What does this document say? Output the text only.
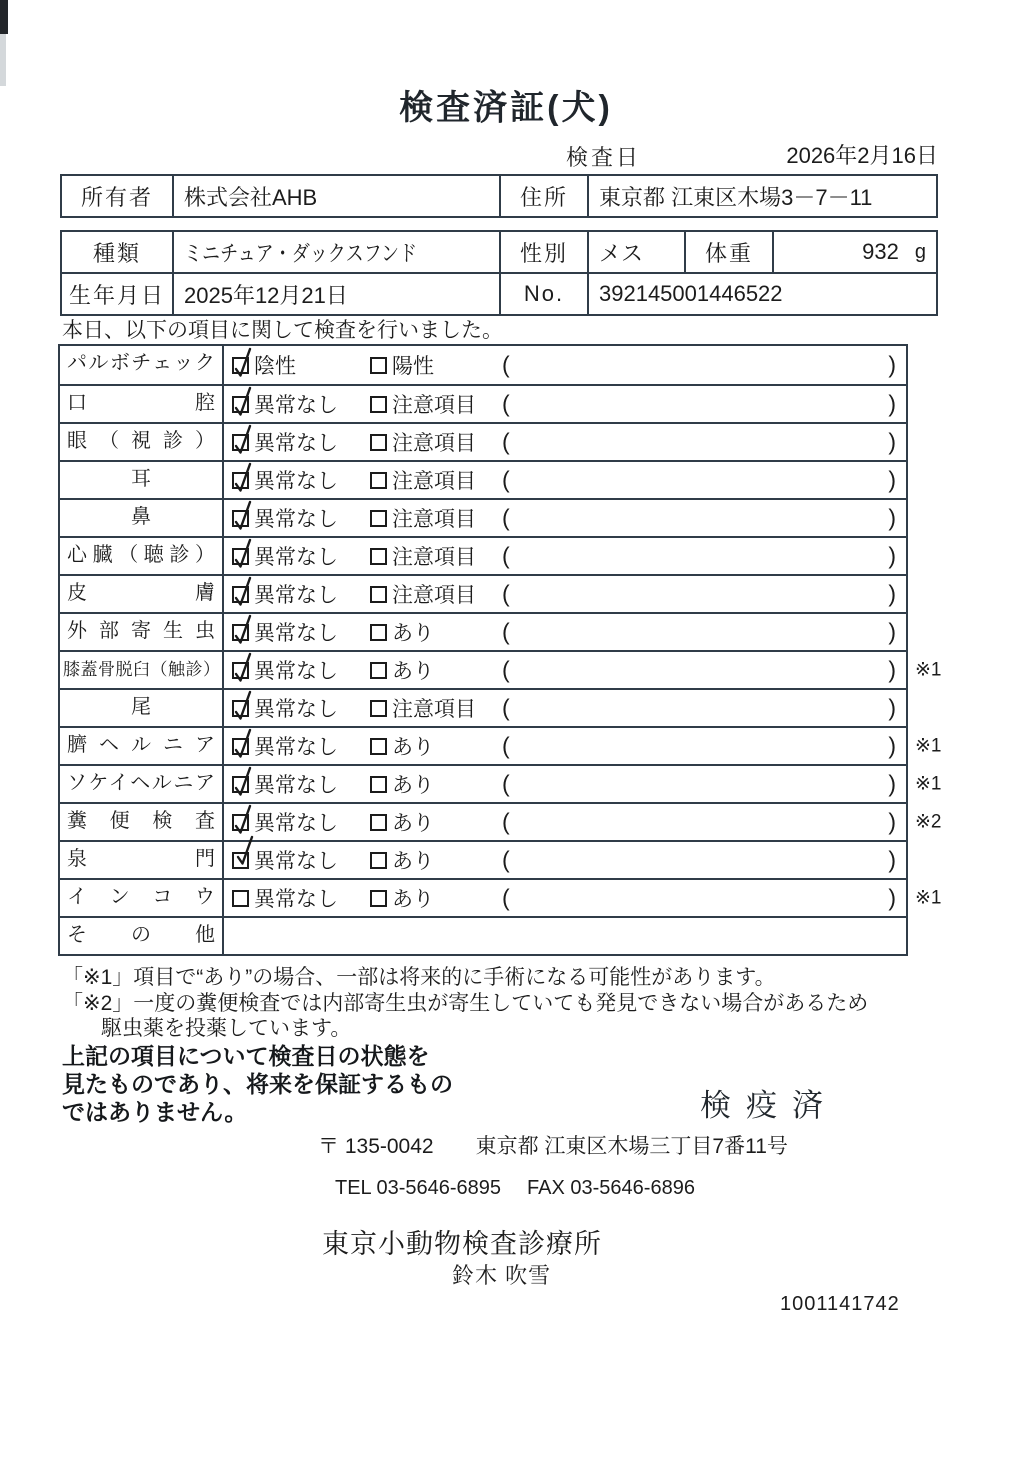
検査済証(犬)
検査日	2026年2月16日
所有者	株式会社AHB	住所	東京都 江東区木場3－7－11
種類	ミニチュア・ダックスフンド	性別	メス	体重	932 g
生年月日 2025年12月21日	No.	392145001446522
本日、以下の項目に関して検査を行いました。
パルボチェック	陰性	陽性	(	)
口腔	異常なし	注意項目 (	)
眼（視診）	異常なし	注意項目 (	)
耳	異常なし	注意項目 (	)
鼻	異常なし	注意項目 (	)
心臓（聴診）	異常なし	注意項目 (	)
皮膚	異常なし	注意項目 (	)
外部寄生虫	異常なし	あり	(	)
膝蓋骨脱臼（触診） 異常なし	あり	(	) ※1
尾	異常なし	注意項目 (	)
臍ヘルニア	異常なし	あり	(	) ※1
ソケイヘルニア	異常なし	あり	(	) ※1
糞便検査	異常なし	あり	(	) ※2
泉門	異常なし	あり	(	)
インコウ	異常なし	あり	(	) ※1
その他
「※1」項目で“あり”の場合、一部は将来的に手術になる可能性があります。
「※2」一度の糞便検査では内部寄生虫が寄生していても発見できない場合があるため
駆虫薬を投薬しています。
上記の項目について検査日の状態を
見たものであり、将来を保証するもの
ではありません。	検疫済
〒 135-0042 東京都 江東区木場三丁目7番11号
TEL 03-5646-6895 FAX 03-5646-6896
東京小動物検査診療所
鈴木 吹雪
1001141742
